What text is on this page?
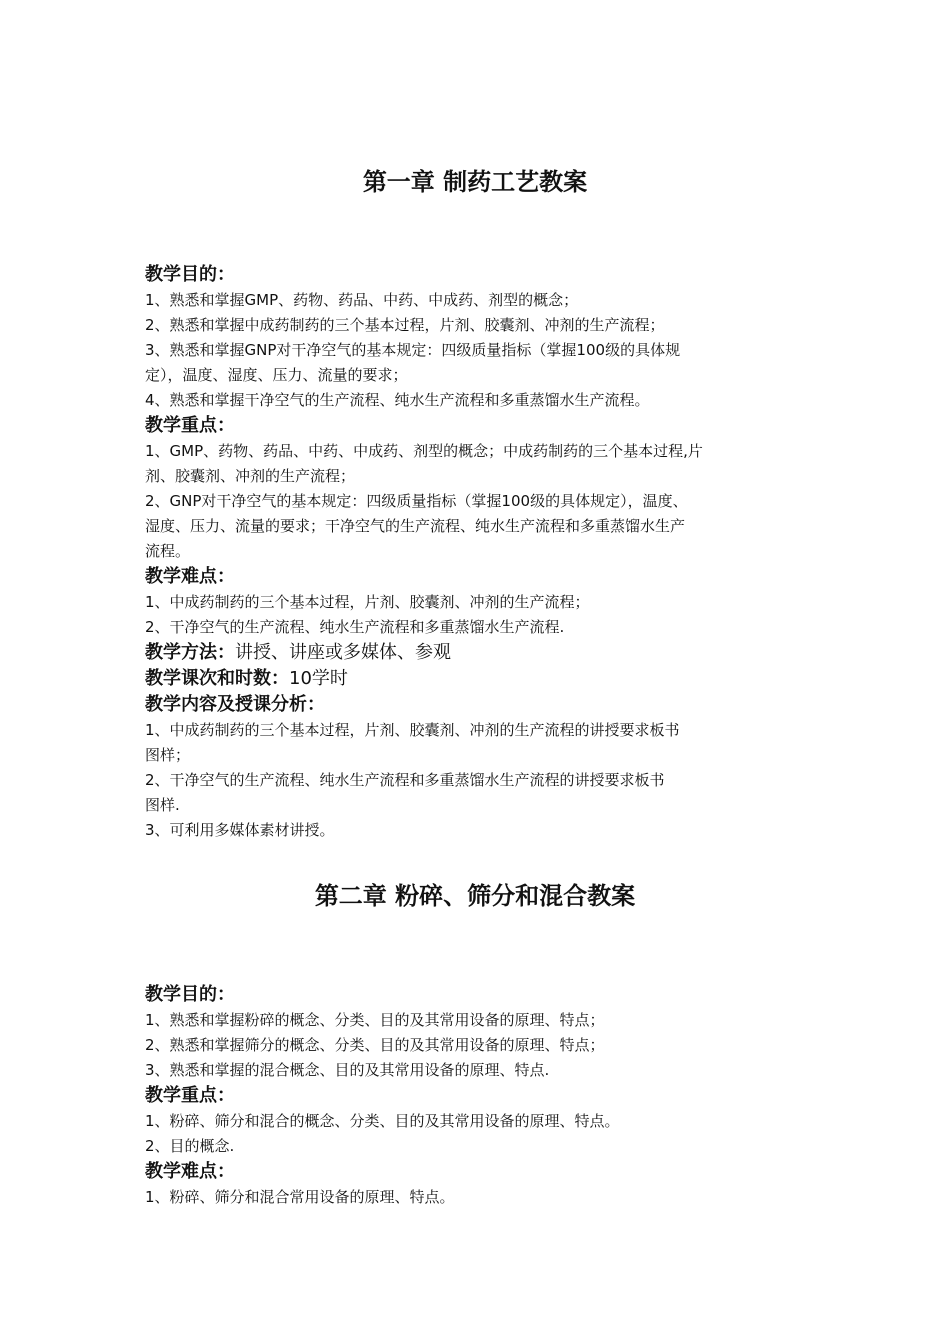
第一章 制药工艺教案

教学目的：

1、熟悉和掌握GMP、药物、药品、中药、中成药、剂型的概念；

2、熟悉和掌握中成药制药的三个基本过程，片剂、胶囊剂、冲剂的生产流程；

3、熟悉和掌握GNP对干净空气的基本规定：四级质量指标（掌握100级的具体规

定），温度、湿度、压力、流量的要求；

4、熟悉和掌握干净空气的生产流程、纯水生产流程和多重蒸馏水生产流程。

教学重点：

1、GMP、药物、药品、中药、中成药、剂型的概念；中成药制药的三个基本过程,片

剂、胶囊剂、冲剂的生产流程；

2、GNP对干净空气的基本规定：四级质量指标（掌握100级的具体规定），温度、

湿度、压力、流量的要求；干净空气的生产流程、纯水生产流程和多重蒸馏水生产

流程。

教学难点：

1、中成药制药的三个基本过程，片剂、胶囊剂、冲剂的生产流程；

2、干净空气的生产流程、纯水生产流程和多重蒸馏水生产流程.

教学方法：讲授、讲座或多媒体、参观

教学课次和时数：10学时

教学内容及授课分析：

1、中成药制药的三个基本过程，片剂、胶囊剂、冲剂的生产流程的讲授要求板书

图样；

2、干净空气的生产流程、纯水生产流程和多重蒸馏水生产流程的讲授要求板书

图样.

3、可利用多媒体素材讲授。

第二章 粉碎、筛分和混合教案

教学目的：

1、熟悉和掌握粉碎的概念、分类、目的及其常用设备的原理、特点；

2、熟悉和掌握筛分的概念、分类、目的及其常用设备的原理、特点；

3、熟悉和掌握的混合概念、目的及其常用设备的原理、特点.

教学重点：

1、粉碎、筛分和混合的概念、分类、目的及其常用设备的原理、特点。

2、目的概念.

教学难点：

1、粉碎、筛分和混合常用设备的原理、特点。
